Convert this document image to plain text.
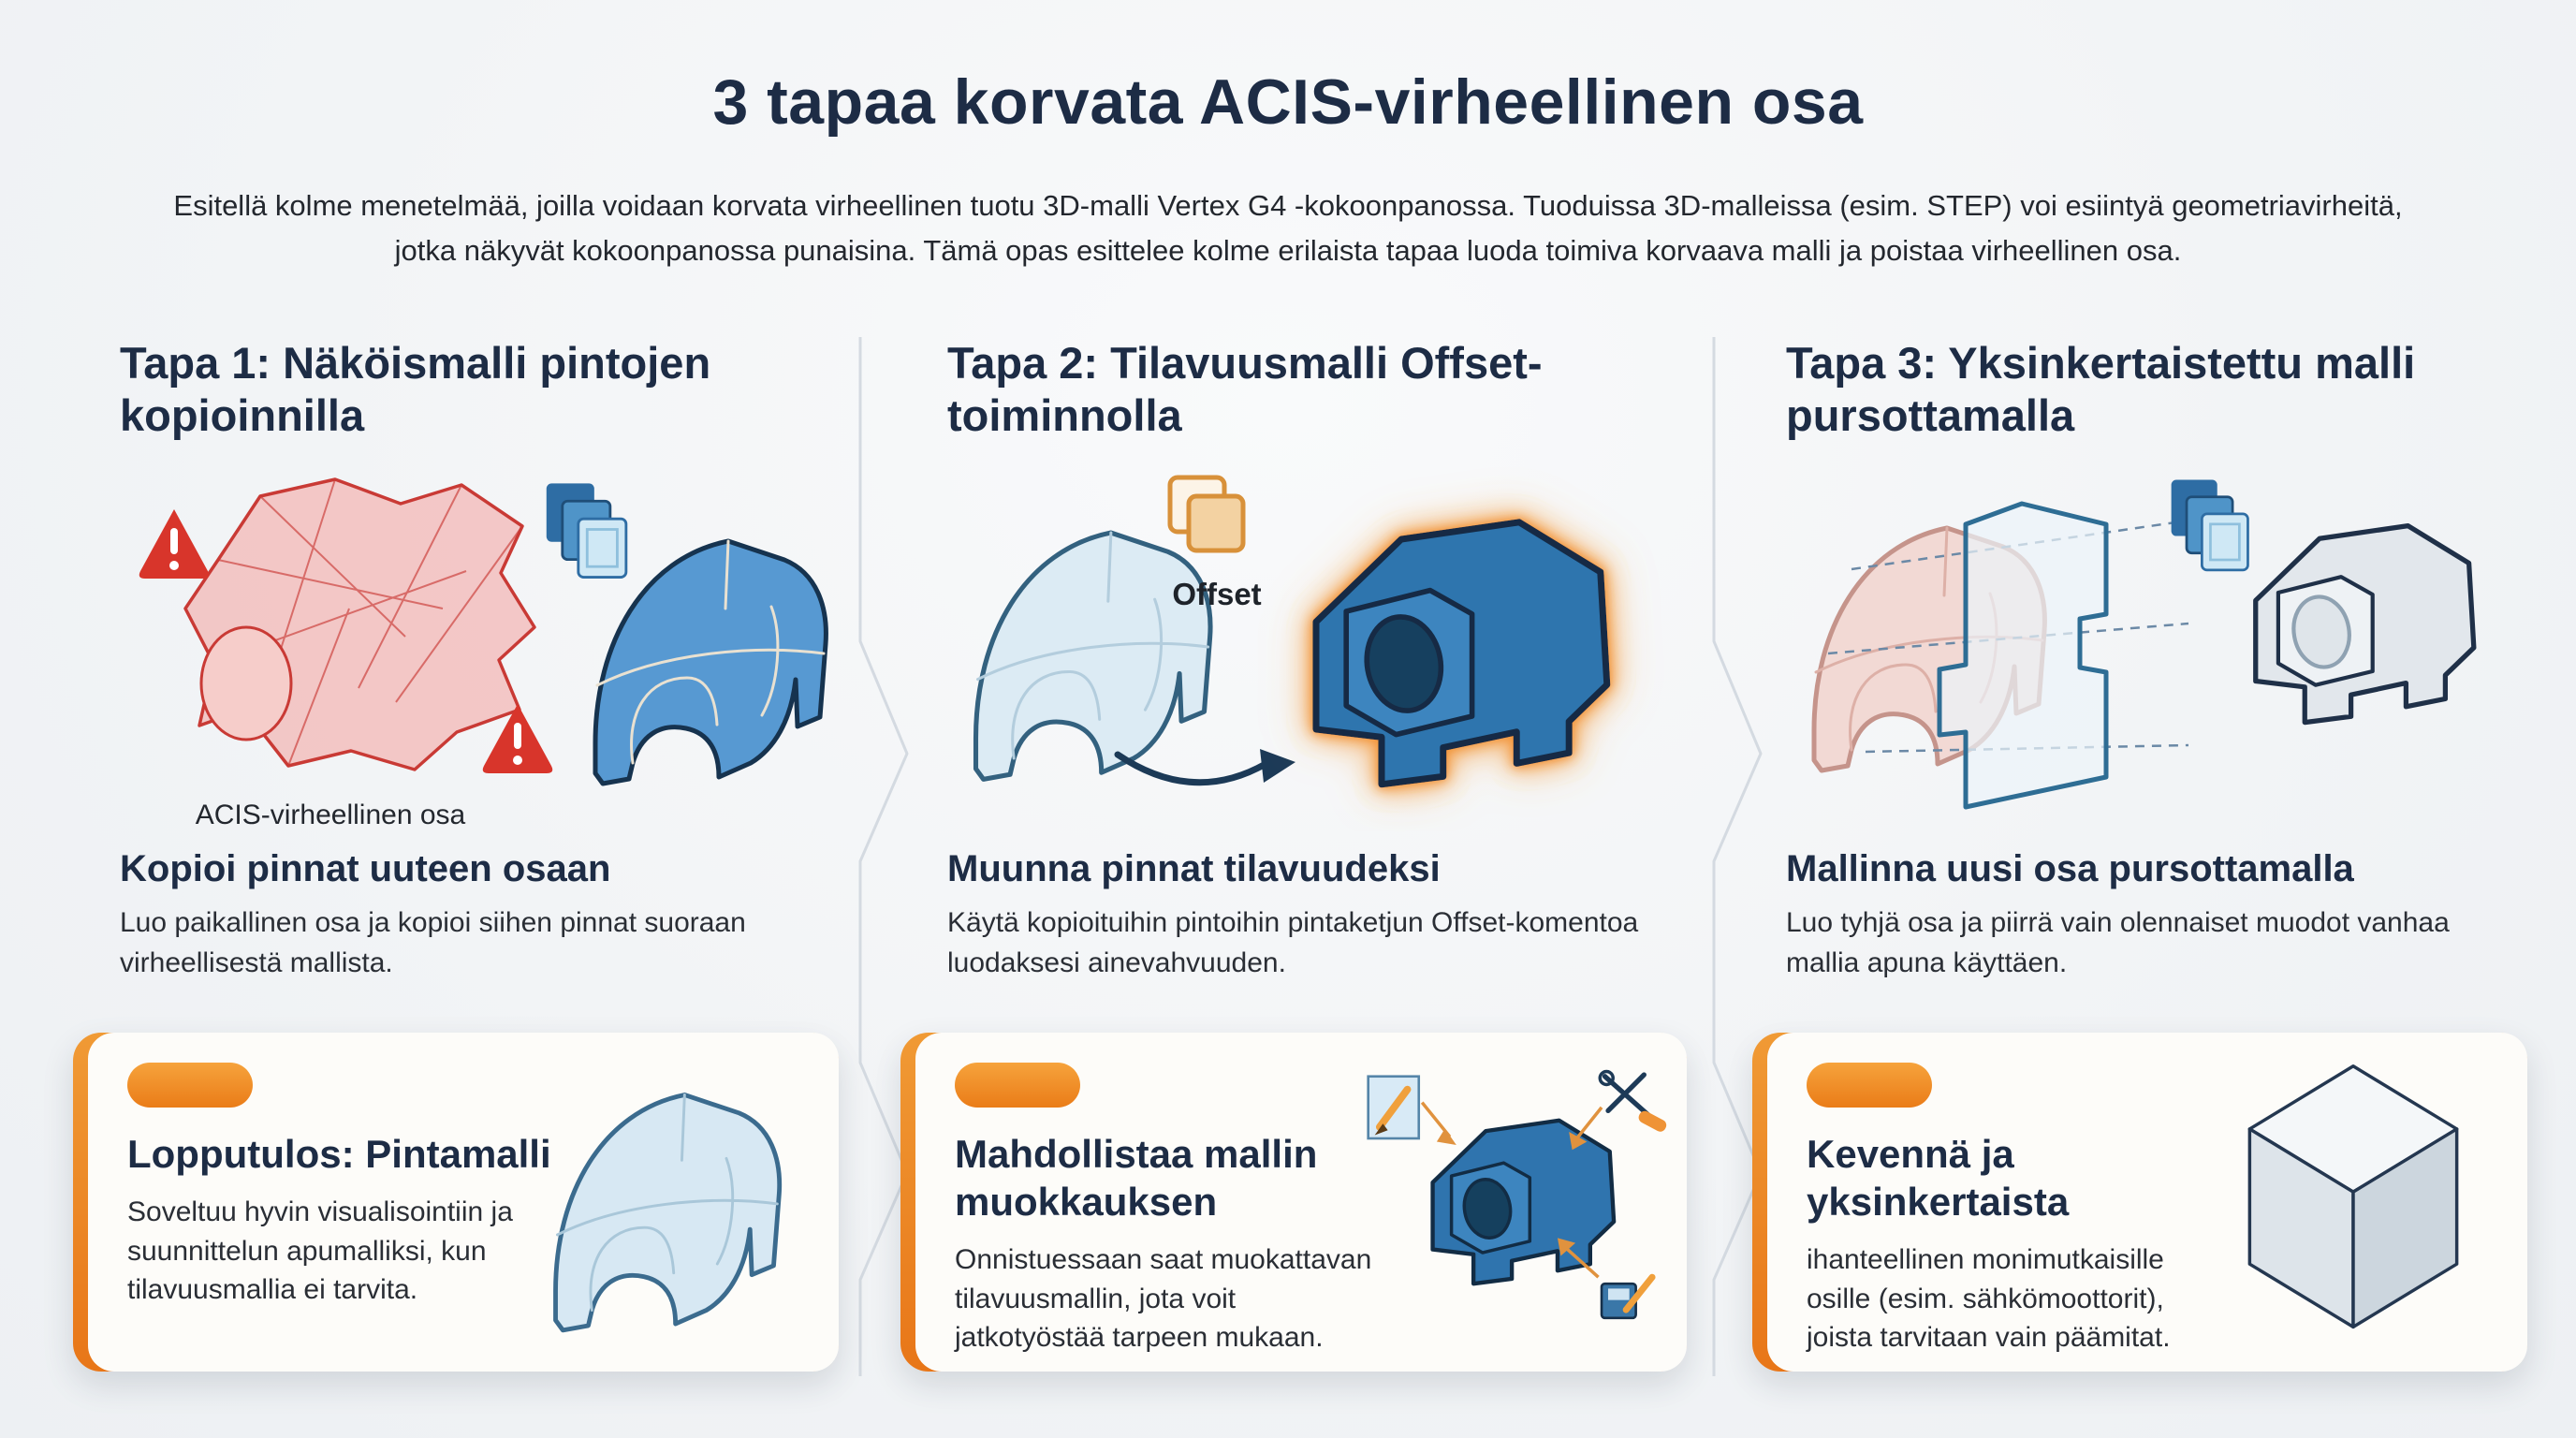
3 tapaa korvata ACIS-virheellinen osa
Esitellä kolme menetelmää, joilla voidaan korvata virheellinen tuotu 3D-malli Vertex G4 -kokoonpanossa. Tuoduissa 3D-malleissa (esim. STEP) voi esiintyä geometriavirheitä, jotka näkyvät kokoonpanossa punaisina. Tämä opas esittelee kolme erilaista tapaa luoda toimiva korvaava malli ja poistaa virheellinen osa.
Tapa 1: Näköismalli pintojen kopioinnilla
ACIS-virheellinen osa
Kopioi pinnat uuteen osaan
Luo paikallinen osa ja kopioi siihen pinnat suoraan virheellisestä mallista.
Tapa 2: Tilavuusmalli Offset-toiminnolla
Offset
Muunna pinnat tilavuudeksi
Käytä kopioituihin pintoihin pintaketjun Offset-komentoa luodaksesi ainevahvuuden.
Tapa 3: Yksinkertaistettu malli pursottamalla
Mallinna uusi osa pursottamalla
Luo tyhjä osa ja piirrä vain olennaiset muodot vanhaa mallia apuna käyttäen.
Lopputulos: Pintamalli
Soveltuu hyvin visualisointiin ja suunnittelun apumalliksi, kun tilavuusmallia ei tarvita.
Mahdollistaa mallin muokkauksen
Onnistuessaan saat muokattavan tilavuusmallin, jota voit jatkotyöstää tarpeen mukaan.
Kevennä ja yksinkertaista
ihanteellinen monimutkaisille osille (esim. sähkömoottorit), joista tarvitaan vain päämitat.
